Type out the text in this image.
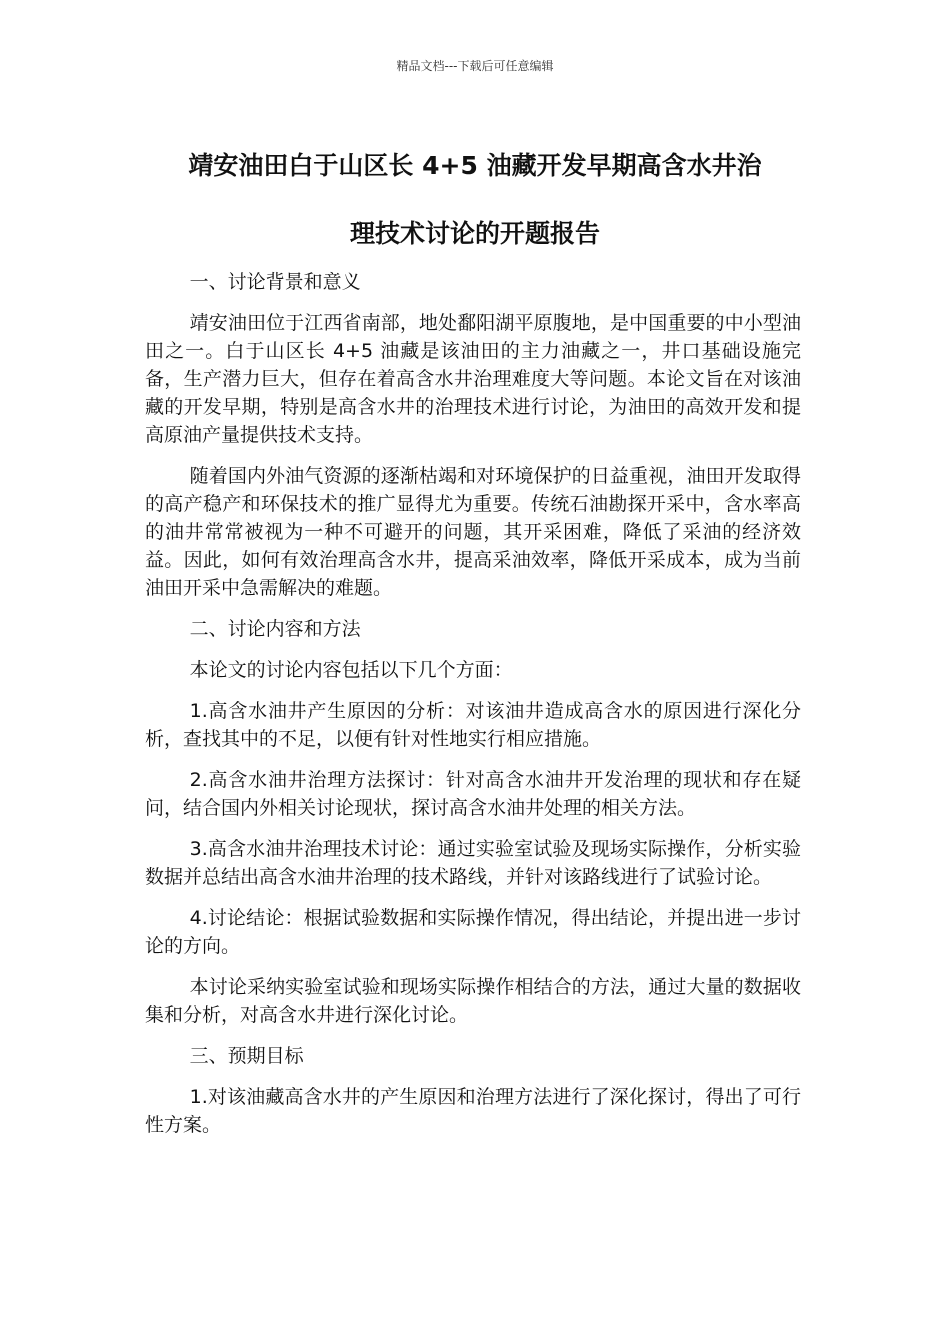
精品文档---下载后可任意编辑
靖安油田白于山区长 4+5 油藏开发早期高含水井治
理技术讨论的开题报告

一、讨论背景和意义

靖安油田位于江西省南部，地处鄱阳湖平原腹地，是中国重要的中小型油田之一。白于山区长 4+5 油藏是该油田的主力油藏之一，井口基础设施完备，生产潜力巨大，但存在着高含水井治理难度大等问题。本论文旨在对该油藏的开发早期，特别是高含水井的治理技术进行讨论，为油田的高效开发和提高原油产量提供技术支持。

随着国内外油气资源的逐渐枯竭和对环境保护的日益重视，油田开发取得的高产稳产和环保技术的推广显得尤为重要。传统石油勘探开采中，含水率高的油井常常被视为一种不可避开的问题，其开采困难，降低了采油的经济效益。因此，如何有效治理高含水井，提高采油效率，降低开采成本，成为当前油田开采中急需解决的难题。

二、讨论内容和方法

本论文的讨论内容包括以下几个方面：

1.高含水油井产生原因的分析：对该油井造成高含水的原因进行深化分析，查找其中的不足，以便有针对性地实行相应措施。

2.高含水油井治理方法探讨：针对高含水油井开发治理的现状和存在疑问，结合国内外相关讨论现状，探讨高含水油井处理的相关方法。

3.高含水油井治理技术讨论：通过实验室试验及现场实际操作，分析实验数据并总结出高含水油井治理的技术路线，并针对该路线进行了试验讨论。

4.讨论结论：根据试验数据和实际操作情况，得出结论，并提出进一步讨论的方向。

本讨论采纳实验室试验和现场实际操作相结合的方法，通过大量的数据收集和分析，对高含水井进行深化讨论。

三、预期目标

1.对该油藏高含水井的产生原因和治理方法进行了深化探讨，得出了可行性方案。
